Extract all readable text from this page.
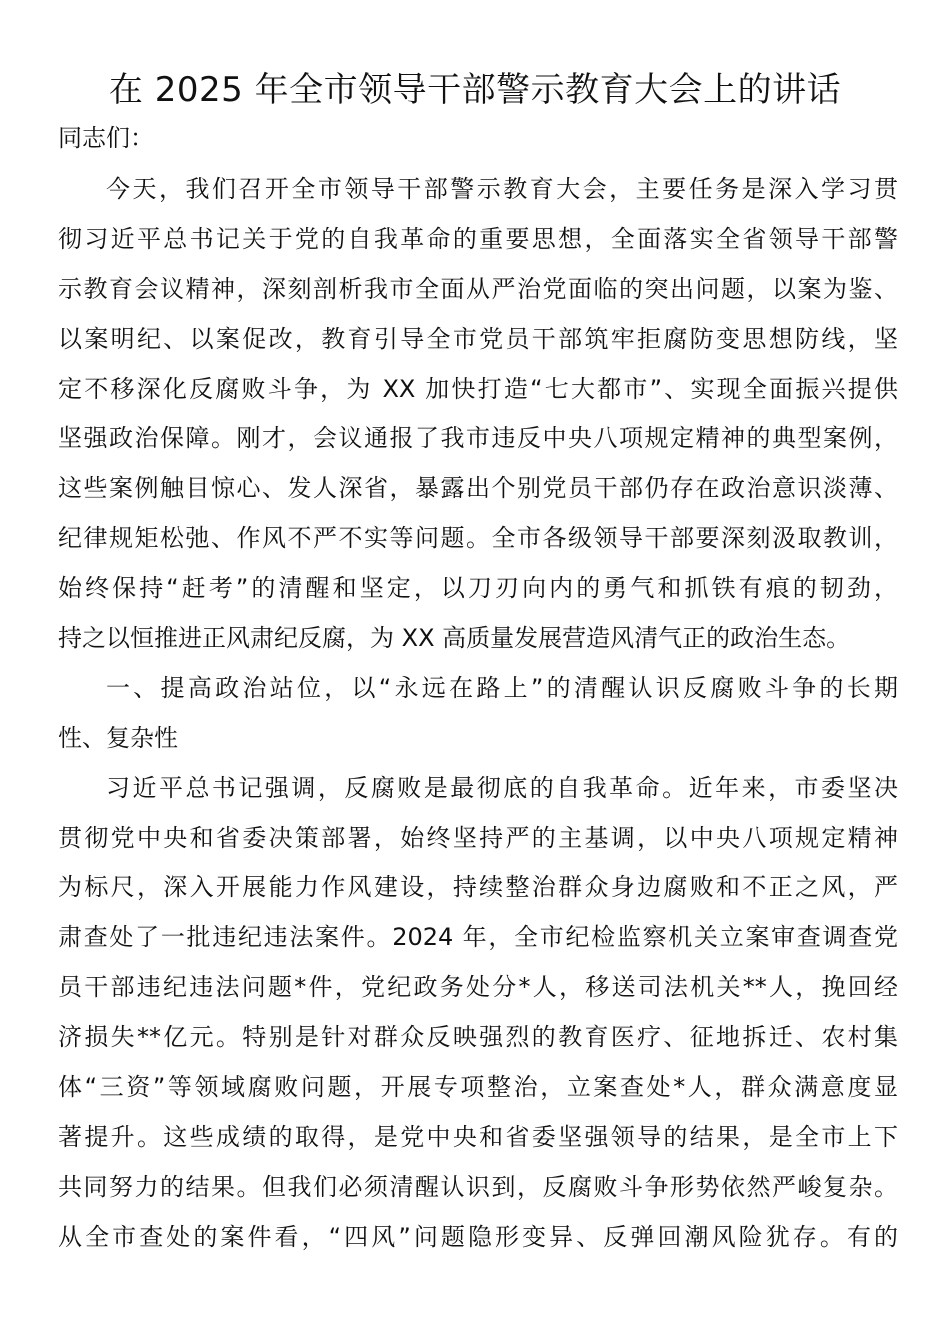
在 2025 年全市领导干部警示教育大会上的讲话
同志们：
今天，我们召开全市领导干部警示教育大会，主要任务是深入学习贯
彻习近平总书记关于党的自我革命的重要思想，全面落实全省领导干部警
示教育会议精神，深刻剖析我市全面从严治党面临的突出问题，以案为鉴、
以案明纪、以案促改，教育引导全市党员干部筑牢拒腐防变思想防线，坚
定不移深化反腐败斗争，为 XX 加快打造“七大都市”、实现全面振兴提供
坚强政治保障。刚才，会议通报了我市违反中央八项规定精神的典型案例，
这些案例触目惊心、发人深省，暴露出个别党员干部仍存在政治意识淡薄、
纪律规矩松弛、作风不严不实等问题。全市各级领导干部要深刻汲取教训，
始终保持“赶考”的清醒和坚定，以刀刃向内的勇气和抓铁有痕的韧劲，
持之以恒推进正风肃纪反腐，为 XX 高质量发展营造风清气正的政治生态。
一、提高政治站位，以“永远在路上”的清醒认识反腐败斗争的长期
性、复杂性
习近平总书记强调，反腐败是最彻底的自我革命。近年来，市委坚决
贯彻党中央和省委决策部署，始终坚持严的主基调，以中央八项规定精神
为标尺，深入开展能力作风建设，持续整治群众身边腐败和不正之风，严
肃查处了一批违纪违法案件。2024 年，全市纪检监察机关立案审查调查党
员干部违纪违法问题*件，党纪政务处分*人，移送司法机关**人，挽回经
济损失**亿元。特别是针对群众反映强烈的教育医疗、征地拆迁、农村集
体“三资”等领域腐败问题，开展专项整治，立案查处*人，群众满意度显
著提升。这些成绩的取得，是党中央和省委坚强领导的结果，是全市上下
共同努力的结果。但我们必须清醒认识到，反腐败斗争形势依然严峻复杂。
从全市查处的案件看，“四风”问题隐形变异、反弹回潮风险犹存。有的
